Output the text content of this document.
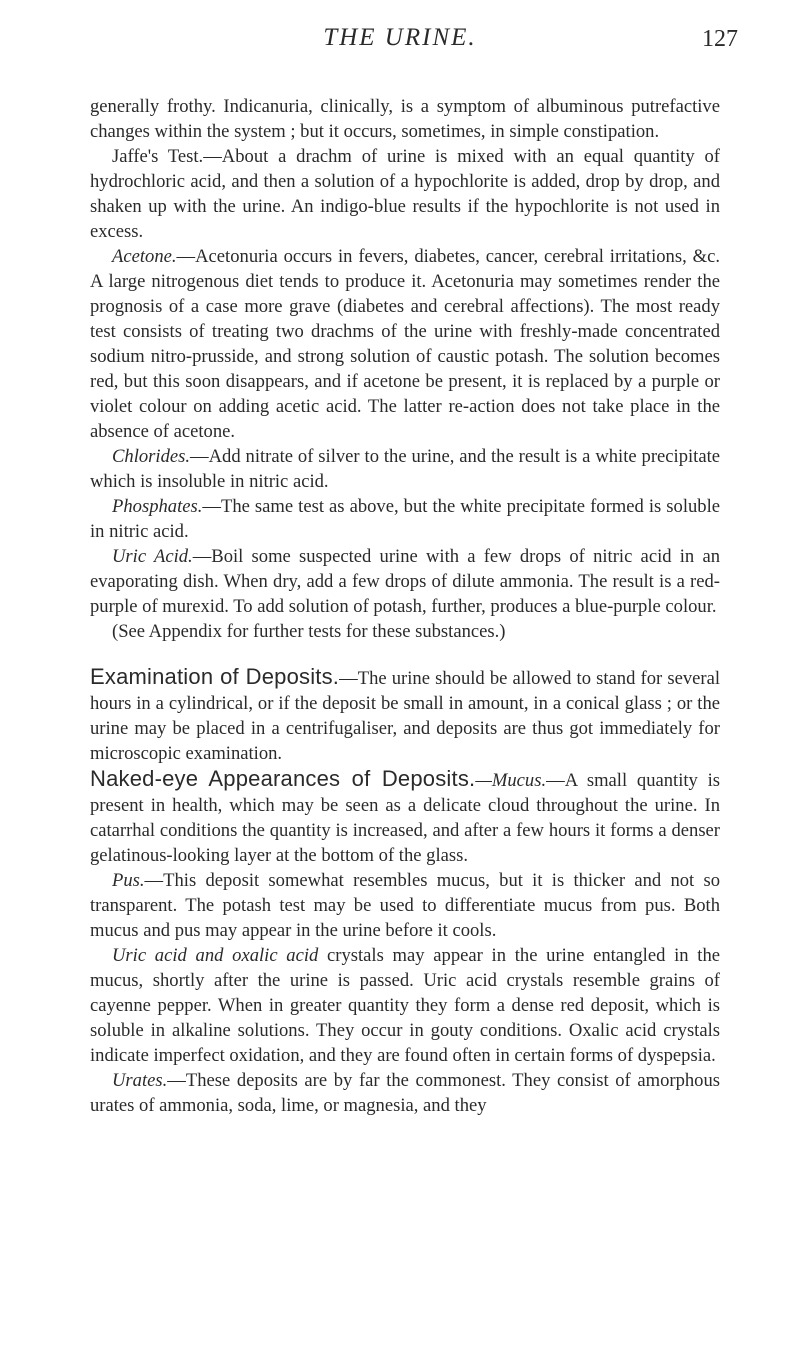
THE URINE.	127

generally frothy. Indicanuria, clinically, is a symptom of albuminous putrefactive changes within the system ; but it occurs, sometimes, in simple constipation.

Jaffe's Test.—About a drachm of urine is mixed with an equal quantity of hydrochloric acid, and then a solution of a hypochlorite is added, drop by drop, and shaken up with the urine. An indigo-blue results if the hypochlorite is not used in excess.

Acetone.—Acetonuria occurs in fevers, diabetes, cancer, cerebral irritations, &c. A large nitrogenous diet tends to produce it. Acetonuria may sometimes render the prognosis of a case more grave (diabetes and cerebral affections). The most ready test consists of treating two drachms of the urine with freshly-made concentrated sodium nitro-prusside, and strong solution of caustic potash. The solution becomes red, but this soon disappears, and if acetone be present, it is replaced by a purple or violet colour on adding acetic acid. The latter re-action does not take place in the absence of acetone.

Chlorides.—Add nitrate of silver to the urine, and the result is a white precipitate which is insoluble in nitric acid.

Phosphates.—The same test as above, but the white precipitate formed is soluble in nitric acid.

Uric Acid.—Boil some suspected urine with a few drops of nitric acid in an evaporating dish. When dry, add a few drops of dilute ammonia. The result is a red-purple of murexid. To add solution of potash, further, produces a blue-purple colour.

(See Appendix for further tests for these substances.)

Examination of Deposits.—The urine should be allowed to stand for several hours in a cylindrical, or if the deposit be small in amount, in a conical glass ; or the urine may be placed in a centrifugaliser, and deposits are thus got immediately for microscopic examination.

Naked-eye Appearances of Deposits.—Mucus.—A small quantity is present in health, which may be seen as a delicate cloud throughout the urine. In catarrhal conditions the quantity is increased, and after a few hours it forms a denser gelatinous-looking layer at the bottom of the glass.

Pus.—This deposit somewhat resembles mucus, but it is thicker and not so transparent. The potash test may be used to differentiate mucus from pus. Both mucus and pus may appear in the urine before it cools.

Uric acid and oxalic acid crystals may appear in the urine entangled in the mucus, shortly after the urine is passed. Uric acid crystals resemble grains of cayenne pepper. When in greater quantity they form a dense red deposit, which is soluble in alkaline solutions. They occur in gouty conditions. Oxalic acid crystals indicate imperfect oxidation, and they are found often in certain forms of dyspepsia.

Urates.—These deposits are by far the commonest. They consist of amorphous urates of ammonia, soda, lime, or magnesia, and they
